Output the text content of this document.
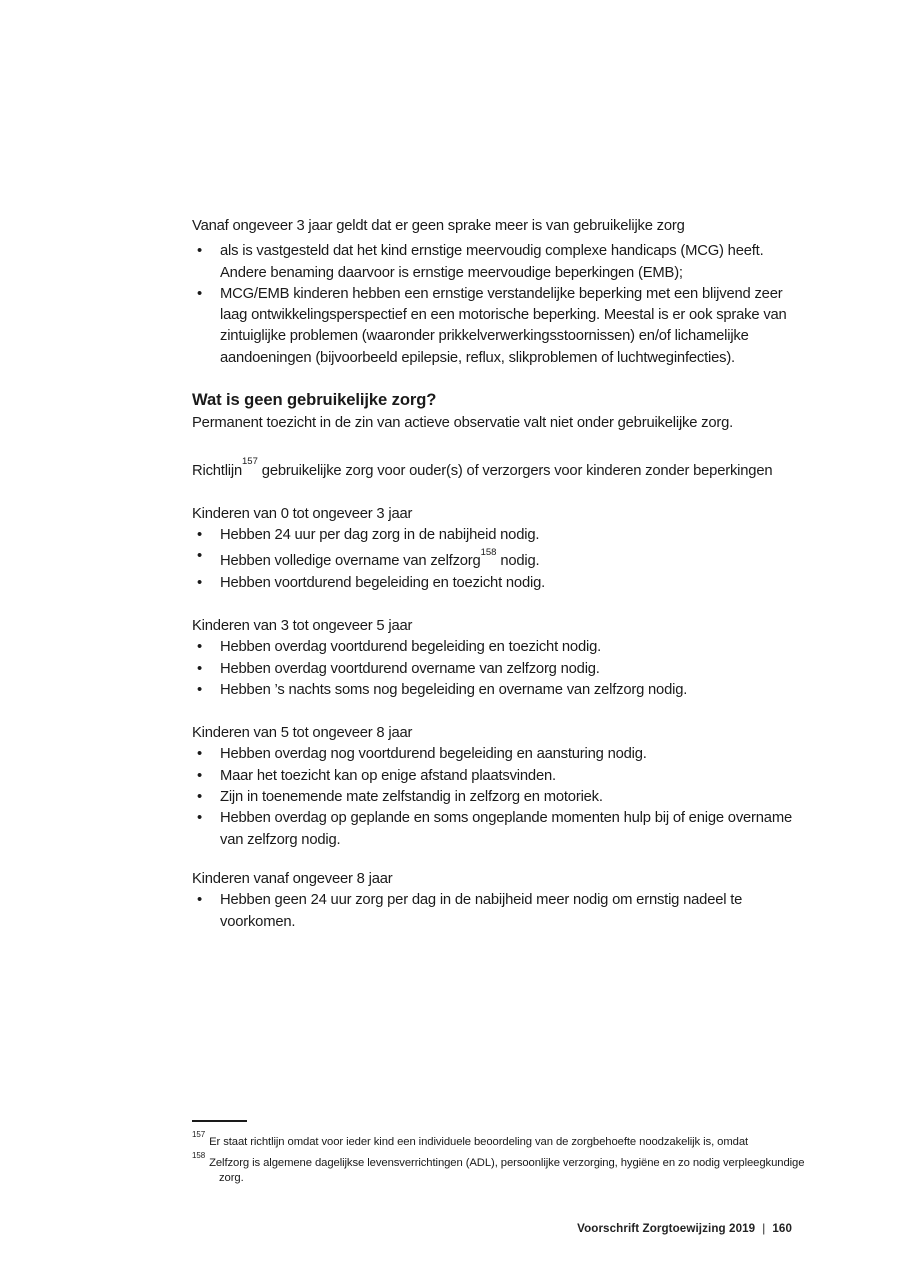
Vanaf ongeveer 3 jaar geldt dat er geen sprake meer is van gebruikelijke zorg

•	als is vastgesteld dat het kind ernstige meervoudig complexe handicaps (MCG) heeft. Andere benaming daarvoor is ernstige meervoudige beperkingen (EMB);
•	MCG/EMB kinderen hebben een ernstige verstandelijke beperking met een blijvend zeer laag ontwikkelingsperspectief en een motorische beperking. Meestal is er ook sprake van zintuiglijke problemen (waaronder prikkelverwerkingsstoornissen) en/of lichamelijke aandoeningen (bijvoorbeeld epilepsie, reflux, slikproblemen of luchtweginfecties).
Wat is geen gebruikelijke zorg?

Permanent toezicht in de zin van actieve observatie valt niet onder gebruikelijke zorg.

Richtlijn$^{157}$ gebruikelijke zorg voor ouder(s) of verzorgers voor kinderen zonder beperkingen

Kinderen van 0 tot ongeveer 3 jaar

•	Hebben 24 uur per dag zorg in de nabijheid nodig.
•	Hebben volledige overname van zelfzorg$^{158}$ nodig.
•	Hebben voortdurend begeleiding en toezicht nodig.

Kinderen van 3 tot ongeveer 5 jaar

•	Hebben overdag voortdurend begeleiding en toezicht nodig.
•	Hebben overdag voortdurend overname van zelfzorg nodig.
•	Hebben ’s nachts soms nog begeleiding en overname van zelfzorg nodig.

Kinderen van 5 tot ongeveer 8 jaar

•	Hebben overdag nog voortdurend begeleiding en aansturing nodig.
•	Maar het toezicht kan op enige afstand plaatsvinden.
•	Zijn in toenemende mate zelfstandig in zelfzorg en motoriek.
•	Hebben overdag op geplande en soms ongeplande momenten hulp bij of enige overname van zelfzorg nodig.

Kinderen vanaf ongeveer 8 jaar

•	Hebben geen 24 uur zorg per dag in de nabijheid meer nodig om ernstig nadeel te voorkomen.

$^{157}$Er staat richtlijn omdat voor ieder kind een individuele beoordeling van de zorgbehoefte noodzakelijk is, omdat

$^{158}$Zelfzorg is algemene dagelijkse levensverrichtingen (ADL), persoonlijke verzorging, hygiëne en zo nodig verpleegkundige zorg.

Voorschrift Zorgtoewijzing 2019 | 160
